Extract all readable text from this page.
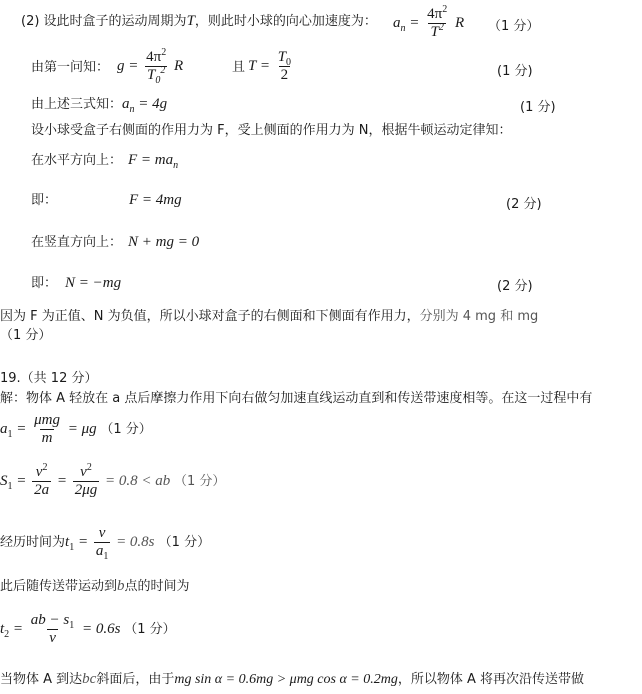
(2) 设此时盒子的运动周期为T，则此时小球的向心加速度为： $a_n = \frac{4\pi^2}{T^2}$ R （1 分）
由第一问知： $g = \frac{4\pi^2}{T_0^2}$ R	且 $T = \frac{T_0}{2}$	(1 分)
由上述三式知：$a_n = 4g$	(1 分)
设小球受盒子右侧面的作用力为 F，受上侧面的作用力为 N，根据牛顿运动定律知：
在水平方向上： $F = ma_n$
即：	F = 4mg	(2 分)
在竖直方向上： N + mg = 0
即： N = −mg	(2 分)
因为 F 为正值、N 为负值，所以小球对盒子的右侧面和下侧面有作用力，分别为 4 mg 和 mg
（1 分）
19.（共 12 分）
解：物体 A 轻放在 a 点后摩擦力作用下向右做匀加速直线运动直到和传送带速度相等。在这一过程中有
$a_1 = \frac{\text{μmg}}{m} = \mu g$ （1 分）
$S_1 = \frac{v^2}{2a} = \frac{v^2}{2\mu g} = 0.8$ < ab （1 分）
经历时间为$t_1 = \frac{v}{a_1} = 0.8s$ （1 分）
此后随传送带运动到b点的时间为
$t_2 = \frac{ab - s_1}{v} = 0.6s$ （1 分）
当物体 A 到达bc斜面后，由于mg sin α = 0.6mg > μmg cos α = 0.2mg，所以物体 A 将再次沿传送带做
